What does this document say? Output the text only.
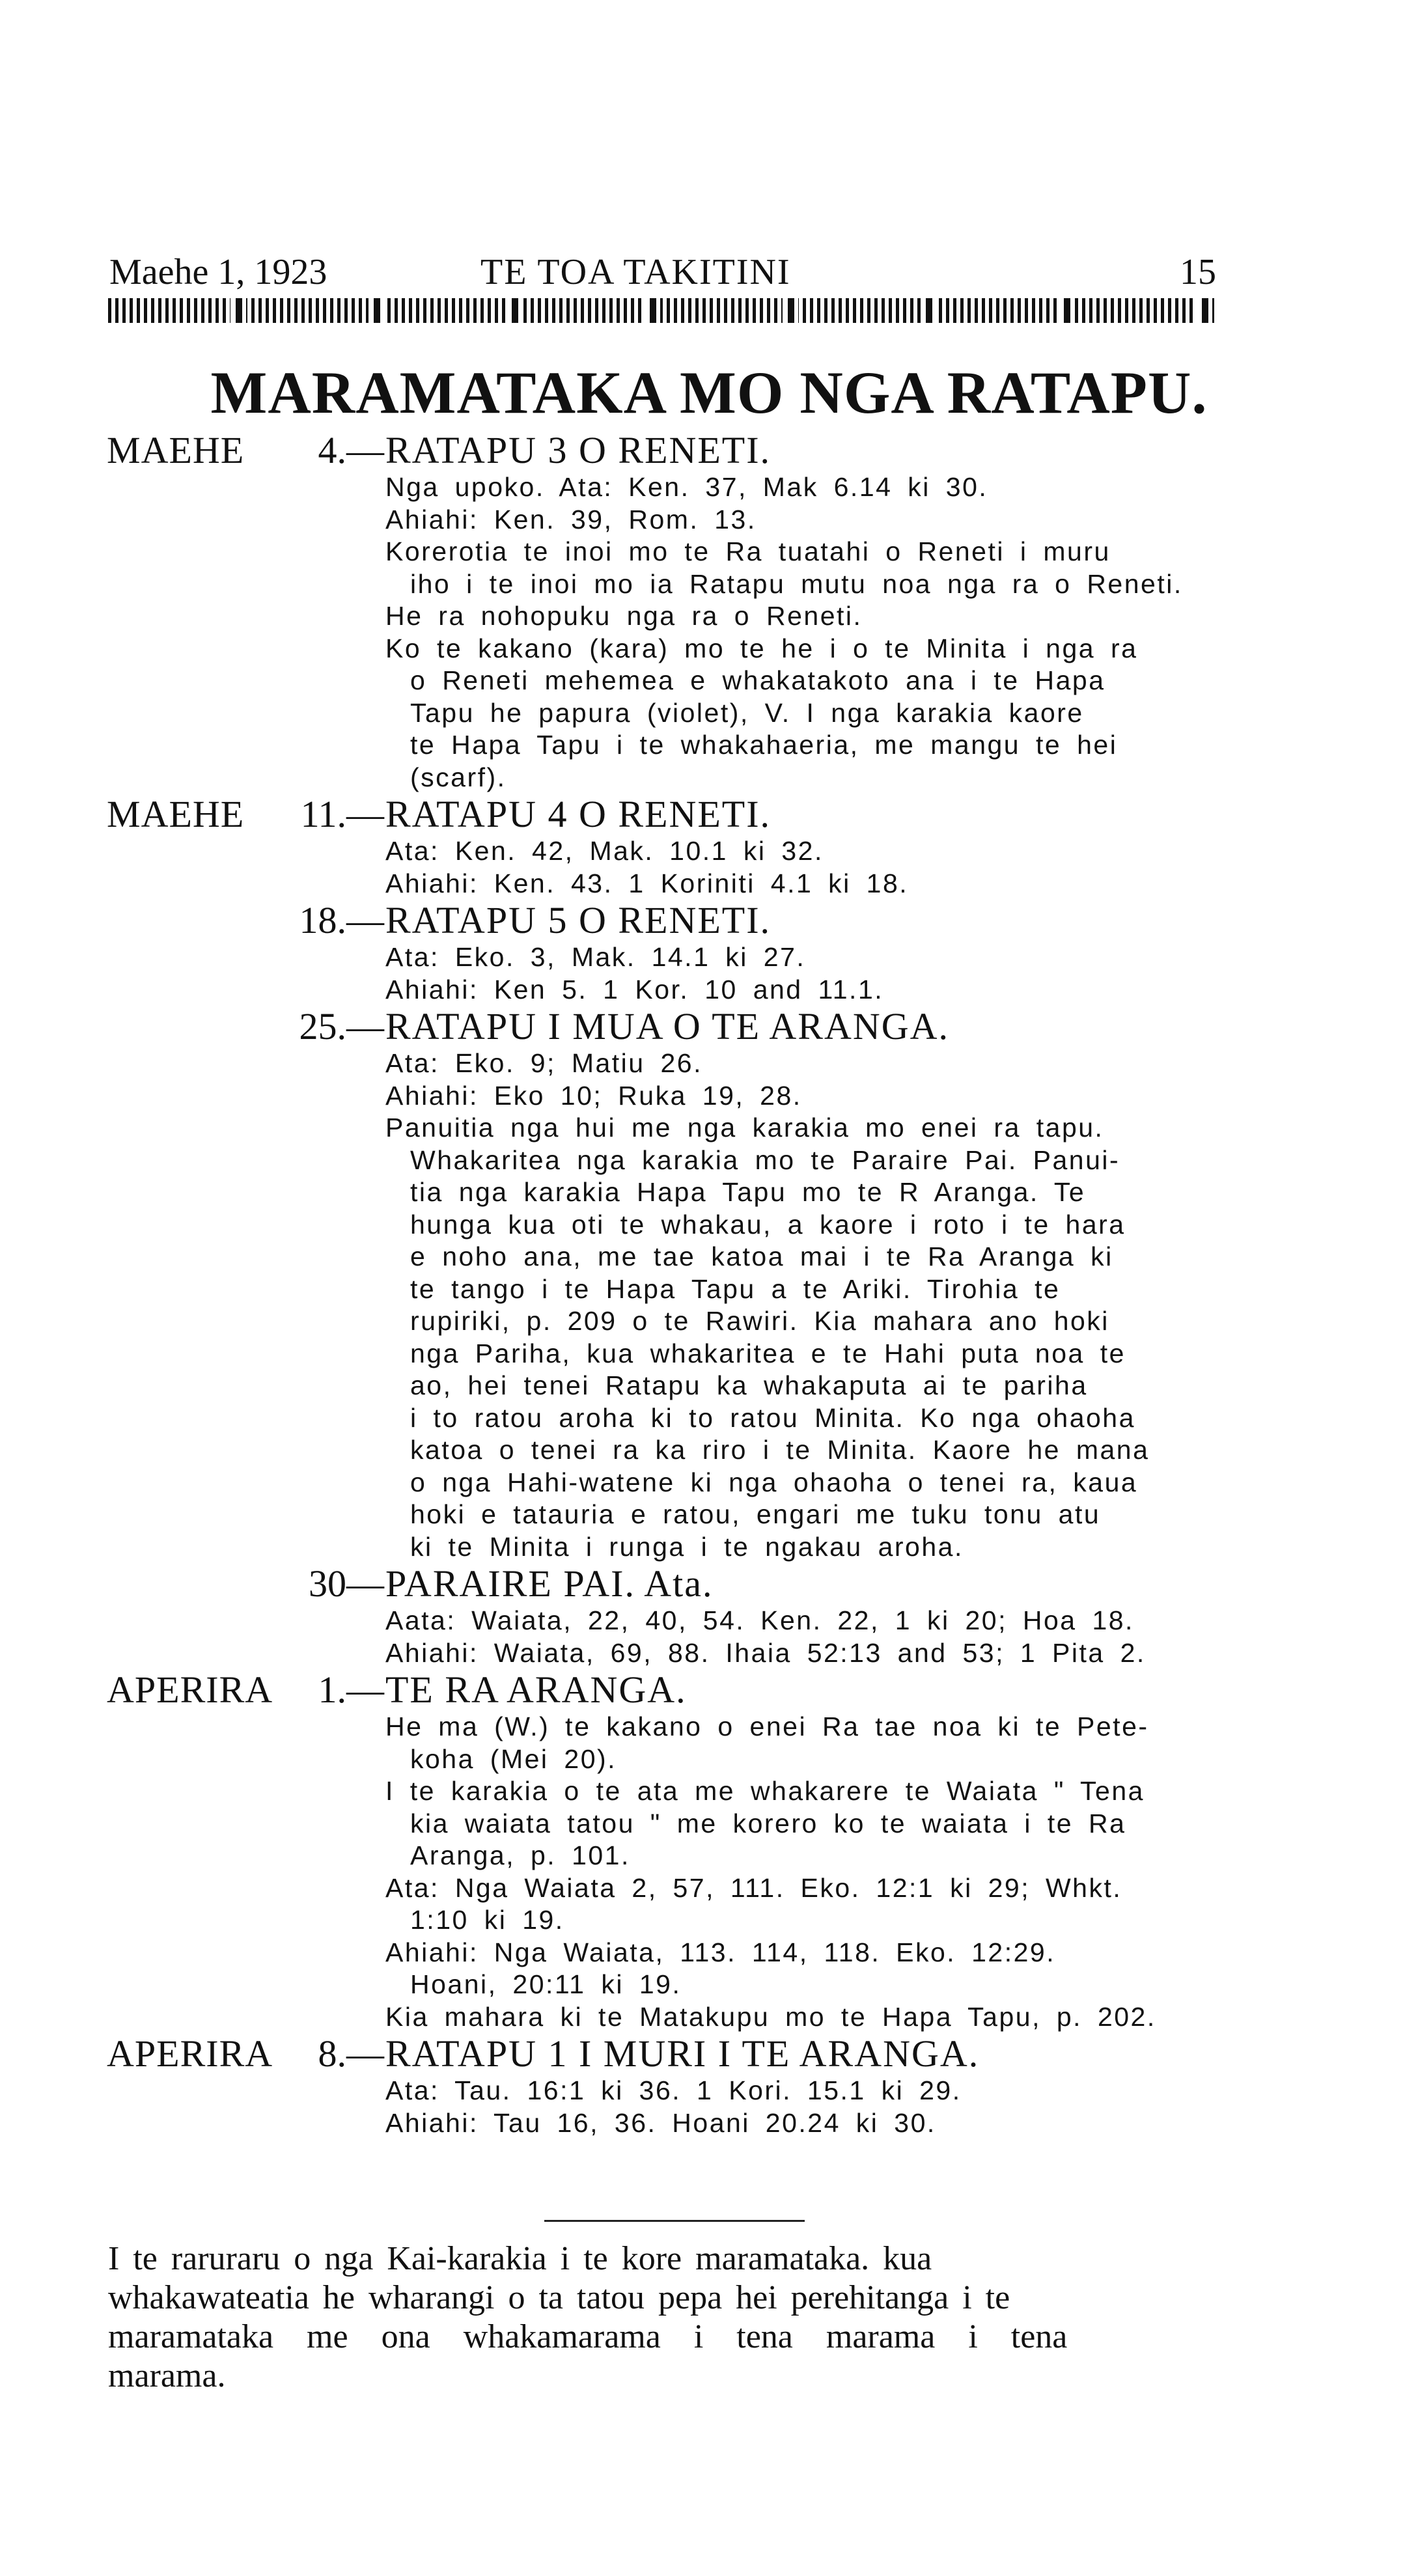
Maehe 1, 1923	TE TOA TAKITINI	15
MARAMATAKA MO NGA RATAPU.
MAEHE 4.— RATAPU 3 O RENETI.
Nga upoko. Ata: Ken. 37, Mak 6.14 ki 30.
Ahiahi: Ken. 39, Rom. 13.
Korerotia te inoi mo te Ra tuatahi o Reneti i muru
iho i te inoi mo ia Ratapu mutu noa nga ra o Reneti.
He ra nohopuku nga ra o Reneti.
Ko te kakano (kara) mo te he i o te Minita i nga ra
o Reneti mehemea e whakatakoto ana i te Hapa
Tapu he papura (violet), V. I nga karakia kaore
te Hapa Tapu i te whakahaeria, me mangu te hei
(scarf).
MAEHE 11.— RATAPU 4 O RENETI.
Ata: Ken. 42, Mak. 10.1 ki 32.
Ahiahi: Ken. 43. 1 Koriniti 4.1 ki 18.
18.— RATAPU 5 O RENETI.
Ata: Eko. 3, Mak. 14.1 ki 27.
Ahiahi: Ken 5. 1 Kor. 10 and 11.1.
25.— RATAPU I MUA O TE ARANGA.
Ata: Eko. 9; Matiu 26.
Ahiahi: Eko 10; Ruka 19, 28.
Panuitia nga hui me nga karakia mo enei ra tapu.
Whakaritea nga karakia mo te Paraire Pai. Panui-
tia nga karakia Hapa Tapu mo te R Aranga. Te
hunga kua oti te whakau, a kaore i roto i te hara
e noho ana, me tae katoa mai i te Ra Aranga ki
te tango i te Hapa Tapu a te Ariki. Tirohia te
rupiriki, p. 209 o te Rawiri. Kia mahara ano hoki
nga Pariha, kua whakaritea e te Hahi puta noa te
ao, hei tenei Ratapu ka whakaputa ai te pariha
i to ratou aroha ki to ratou Minita. Ko nga ohaoha
katoa o tenei ra ka riro i te Minita. Kaore he mana
o nga Hahi-watene ki nga ohaoha o tenei ra, kaua
hoki e tatauria e ratou, engari me tuku tonu atu
ki te Minita i runga i te ngakau aroha.
30— PARAIRE PAI. Ata.
Aata: Waiata, 22, 40, 54. Ken. 22, 1 ki 20; Hoa 18.
Ahiahi: Waiata, 69, 88. Ihaia 52:13 and 53; 1 Pita 2.
APERIRA 1.— TE RA ARANGA.
He ma (W.) te kakano o enei Ra tae noa ki te Pete-
koha (Mei 20).
I te karakia o te ata me whakarere te Waiata " Tena
kia waiata tatou " me korero ko te waiata i te Ra
Aranga, p. 101.
Ata: Nga Waiata 2, 57, 111. Eko. 12:1 ki 29; Whkt.
1:10 ki 19.
Ahiahi: Nga Waiata, 113. 114, 118. Eko. 12:29.
Hoani, 20:11 ki 19.
Kia mahara ki te Matakupu mo te Hapa Tapu, p. 202.
APERIRA 8.— RATAPU 1 I MURI I TE ARANGA.
Ata: Tau. 16:1 ki 36. 1 Kori. 15.1 ki 29.
Ahiahi: Tau 16, 36. Hoani 20.24 ki 30.
I te raruraru o nga Kai-karakia i te kore maramataka. kua
whakawateatia he wharangi o ta tatou pepa hei perehitanga i te
maramataka me ona whakamarama i tena marama i tena
marama.
